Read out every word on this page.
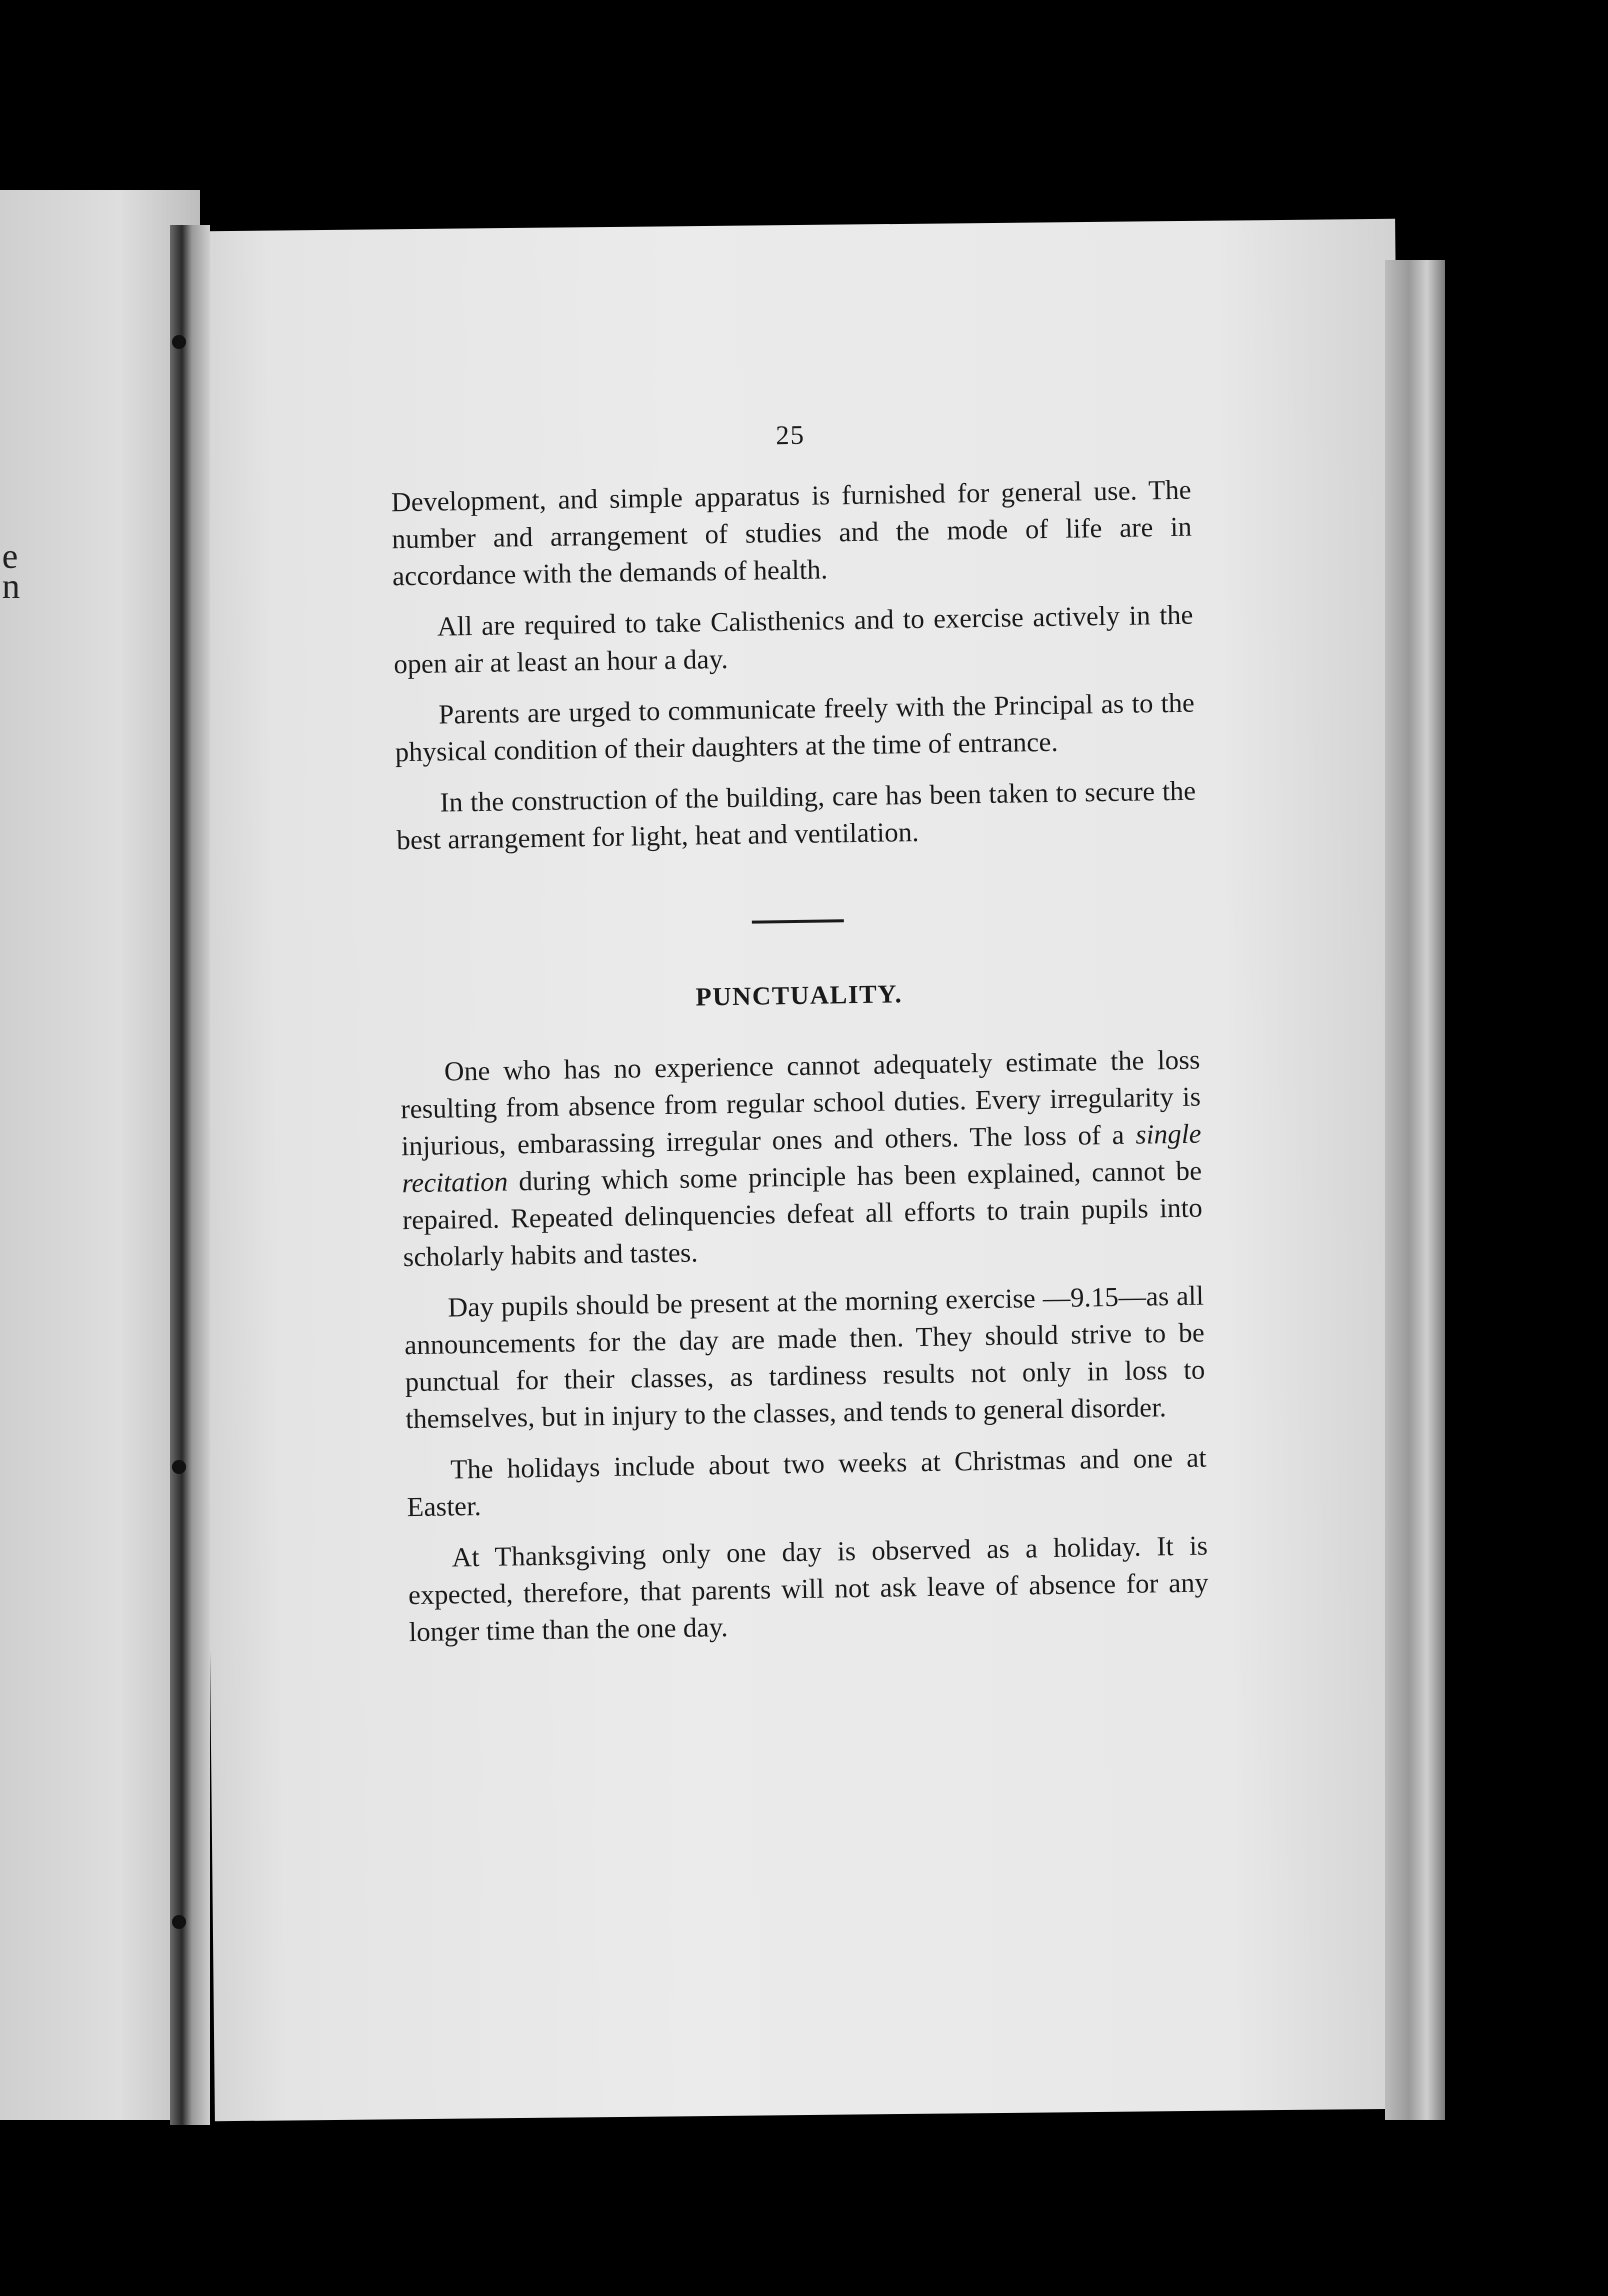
e
n
25

Development, and simple apparatus is furnished for general use. The number and arrangement of studies and the mode of life are in accordance with the demands of health.

All are required to take Calisthenics and to exercise actively in the open air at least an hour a day.

Parents are urged to communicate freely with the Principal as to the physical condition of their daughters at the time of entrance.

In the construction of the building, care has been taken to secure the best arrangement for light, heat and ventilation.

PUNCTUALITY.

One who has no experience cannot adequately estimate the loss resulting from absence from regular school duties. Every irregularity is injurious, embarassing irregular ones and others. The loss of a single recitation during which some principle has been explained, cannot be repaired. Repeated delinquencies defeat all efforts to train pupils into scholarly habits and tastes.

Day pupils should be present at the morning exercise —9.15—as all announcements for the day are made then. They should strive to be punctual for their classes, as tardiness results not only in loss to themselves, but in injury to the classes, and tends to general disorder.

The holidays include about two weeks at Christmas and one at Easter.

At Thanksgiving only one day is observed as a holiday. It is expected, therefore, that parents will not ask leave of absence for any longer time than the one day.
